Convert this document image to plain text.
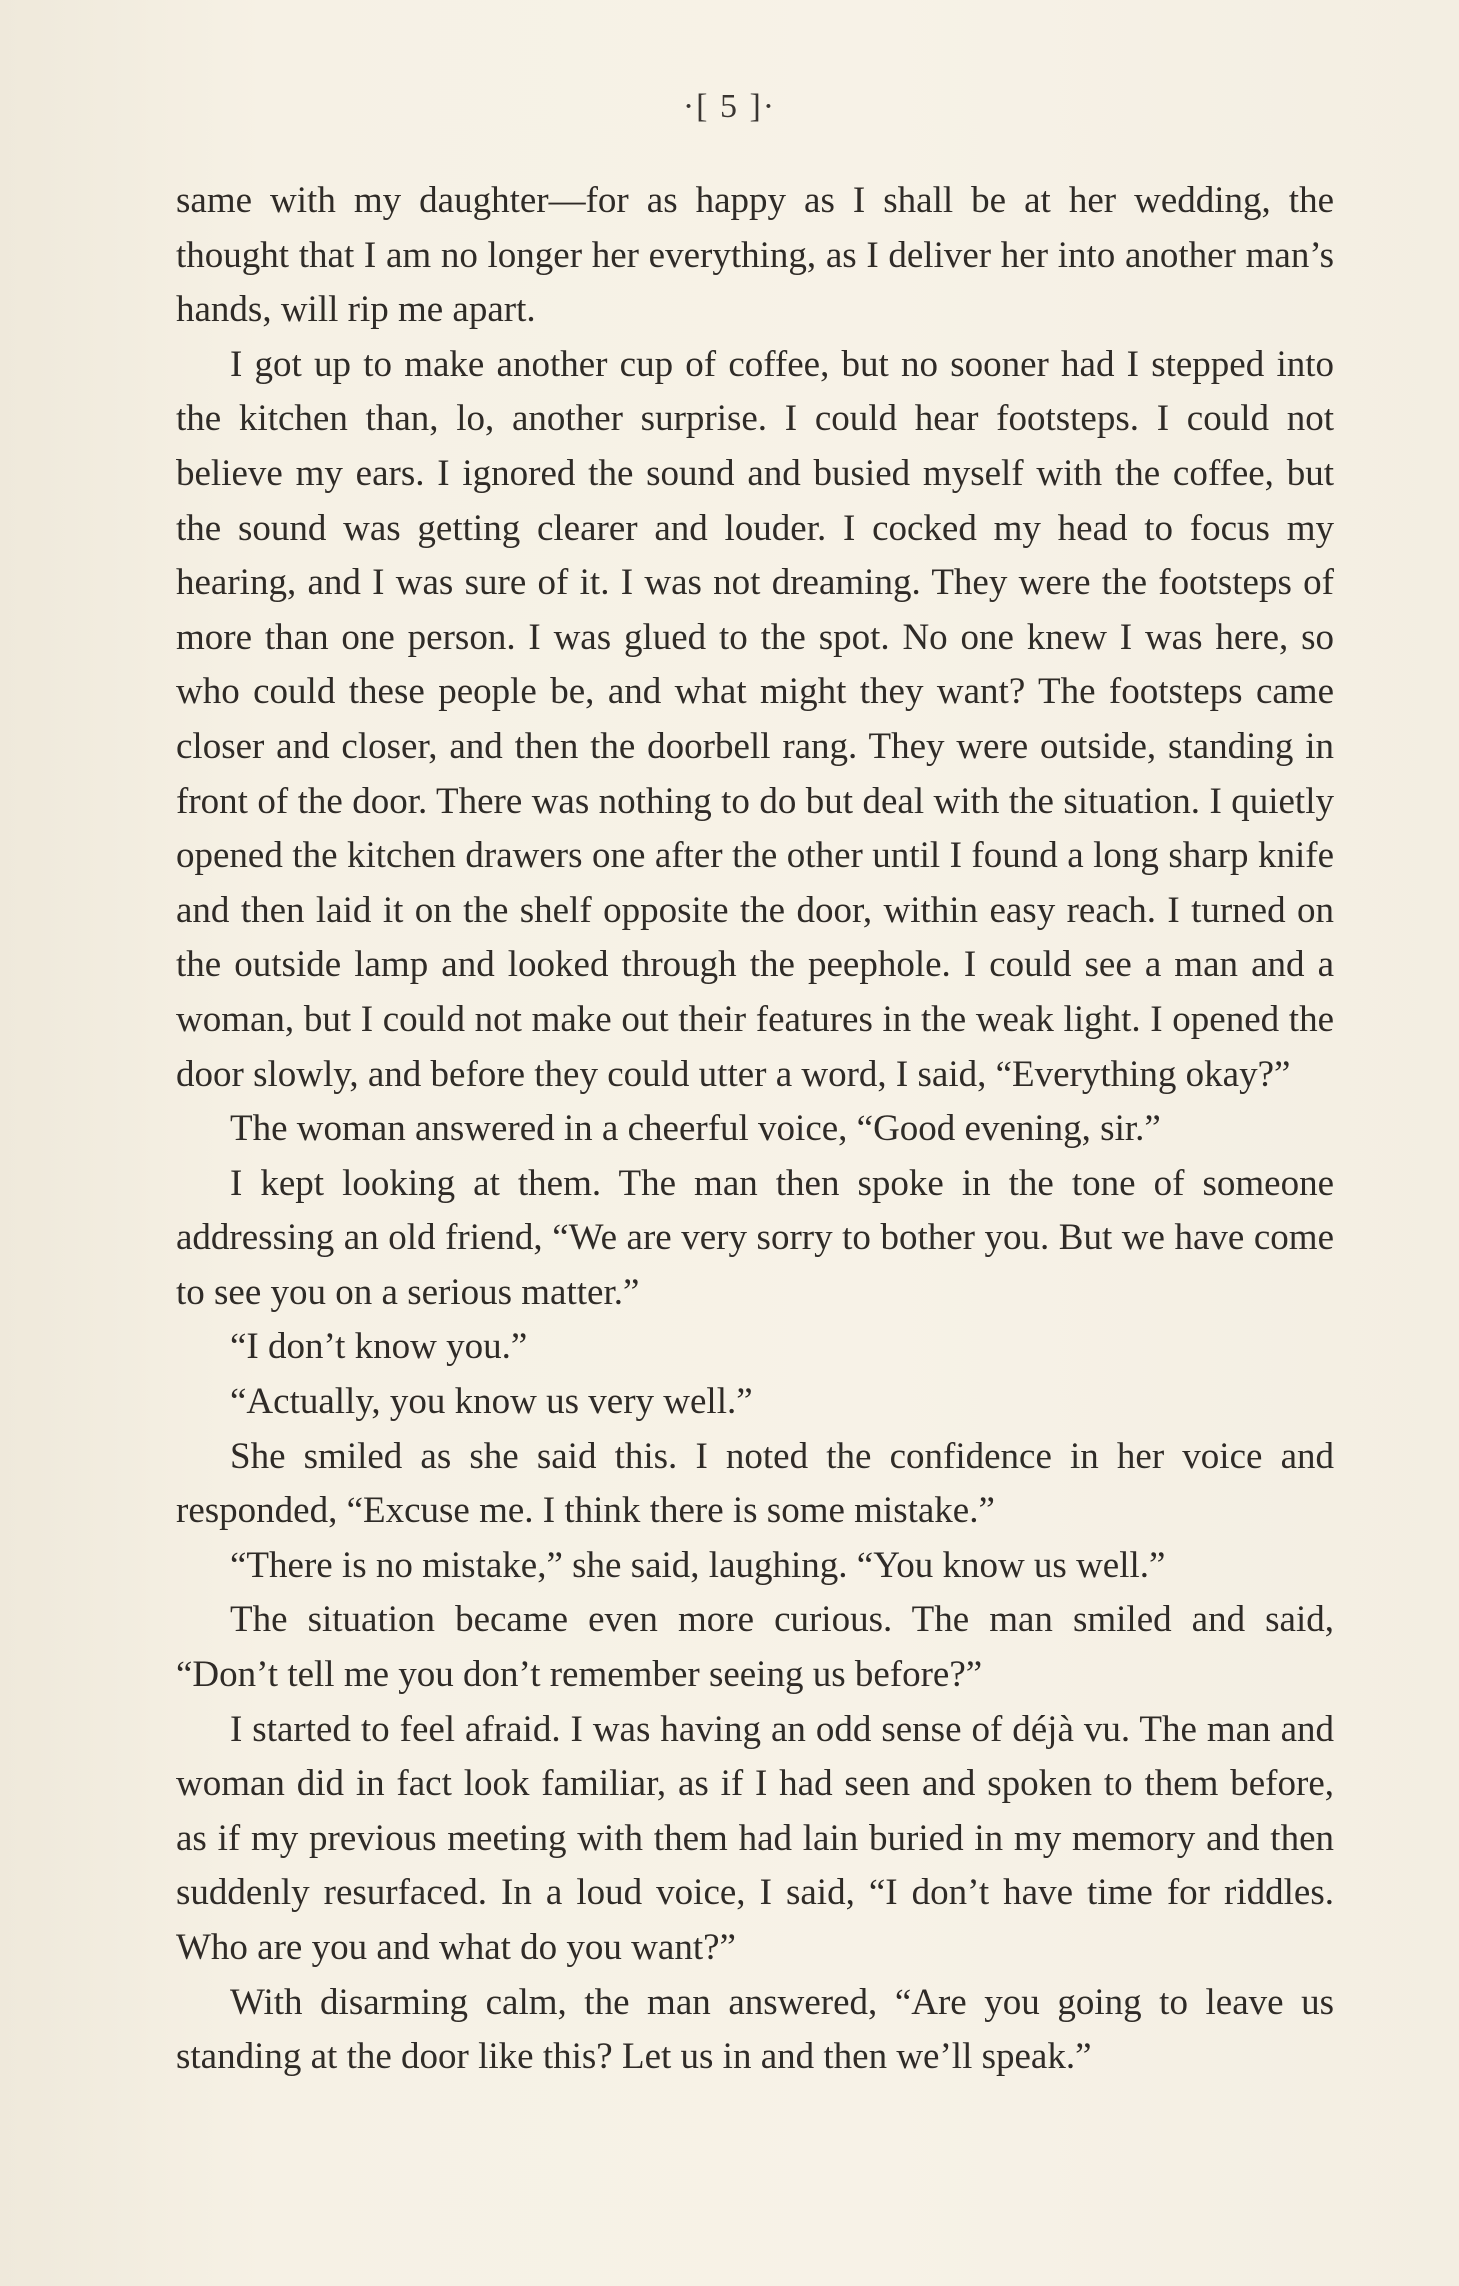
·[ 5 ]·

same with my daughter—for as happy as I shall be at her wedding, the thought that I am no longer her everything, as I deliver her into another man’s hands, will rip me apart.

I got up to make another cup of coffee, but no sooner had I stepped into the kitchen than, lo, another surprise. I could hear footsteps. I could not believe my ears. I ignored the sound and busied myself with the coffee, but the sound was getting clearer and louder. I cocked my head to focus my hearing, and I was sure of it. I was not dreaming. They were the footsteps of more than one person. I was glued to the spot. No one knew I was here, so who could these people be, and what might they want? The footsteps came closer and closer, and then the doorbell rang. They were outside, standing in front of the door. There was nothing to do but deal with the situation. I quietly opened the kitchen drawers one after the other until I found a long sharp knife and then laid it on the shelf opposite the door, within easy reach. I turned on the outside lamp and looked through the peephole. I could see a man and a woman, but I could not make out their features in the weak light. I opened the door slowly, and before they could utter a word, I said, “Everything okay?”

The woman answered in a cheerful voice, “Good evening, sir.”

I kept looking at them. The man then spoke in the tone of someone addressing an old friend, “We are very sorry to bother you. But we have come to see you on a serious matter.”

“I don’t know you.”

“Actually, you know us very well.”

She smiled as she said this. I noted the confidence in her voice and responded, “Excuse me. I think there is some mistake.”

“There is no mistake,” she said, laughing. “You know us well.”

The situation became even more curious. The man smiled and said, “Don’t tell me you don’t remember seeing us before?”

I started to feel afraid. I was having an odd sense of déjà vu. The man and woman did in fact look familiar, as if I had seen and spoken to them before, as if my previous meeting with them had lain buried in my memory and then suddenly resurfaced. In a loud voice, I said, “I don’t have time for riddles. Who are you and what do you want?”

With disarming calm, the man answered, “Are you going to leave us standing at the door like this? Let us in and then we’ll speak.”
